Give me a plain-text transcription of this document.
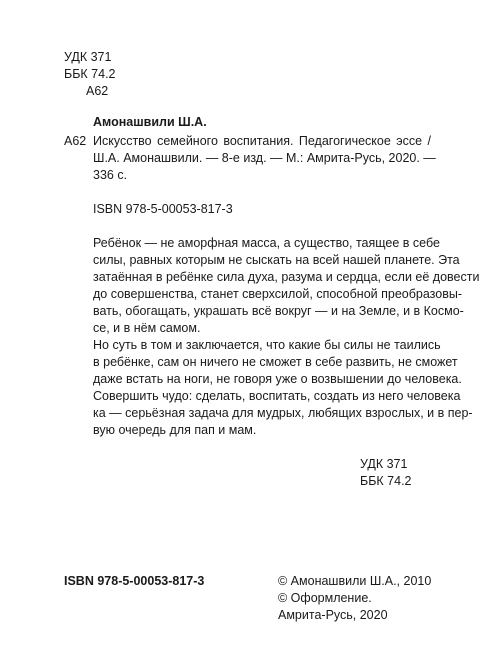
УДК 371
ББК 74.2
А62
А62
Амонашвили Ш.А.
Искусство семейного воспитания. Педагогическое эссе /
Ш.А. Амонашвили. — 8-е изд. — М.: Амрита-Русь, 2020. —
336 с.
ISBN 978-5-00053-817-3
Ребёнок — не аморфная масса, а существо, таящее в себе
силы, равных которым не сыскать на всей нашей планете. Эта
затаённая в ребёнке сила духа, разума и сердца, если её довести
до совершенства, станет сверхсилой, способной преобразовы-
вать, обогащать, украшать всё вокруг — и на Земле, и в Космо-
се, и в нём самом.
Но суть в том и заключается, что какие бы силы не таились
в ребёнке, сам он ничего не сможет в себе развить, не сможет
даже встать на ноги, не говоря уже о возвышении до человека.
Совершить чудо: сделать, воспитать, создать из него человека
ка — серьёзная задача для мудрых, любящих взрослых, и в пер-
вую очередь для пап и мам.
УДК 371
ББК 74.2
ISBN 978-5-00053-817-3	© Амонашвили Ш.А., 2010
© Оформление.
Амрита-Русь, 2020
